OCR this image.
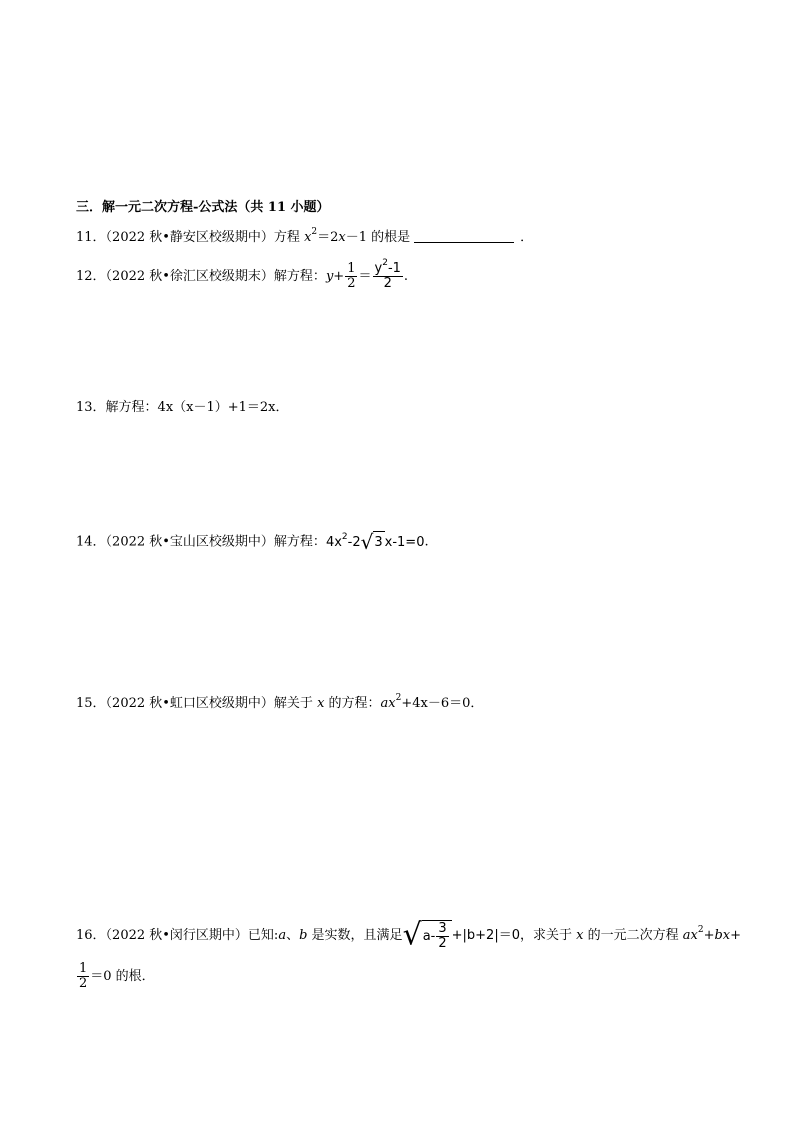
三．解一元二次方程-公式法（共 11 小题）
11．（2022 秋•静安区校级期中）方程 $x^2=2x-1$ 的根是	．
12．（2022 秋•徐汇区校级期末）解方程：$y+ \frac{1}{2} = \frac{y^2-1}{2}$ .
13．解方程：4x（x－1）+1＝2x．
14．（2022 秋•宝山区校级期中）解方程：$4x^2-2√3$ x-1=0.
15．（2022 秋•虹口区校级期中）解关于 x 的方程：$ax^2+4x-6=0$．
16．（2022 秋•闵行区期中）已知:a、b 是实数，且满足$√a- \frac{3}{2} +|b+2|=0$，求关于 x 的一元二次方程 $ax^2+bx+$
$\frac{1}{2} =0$ 的根．
